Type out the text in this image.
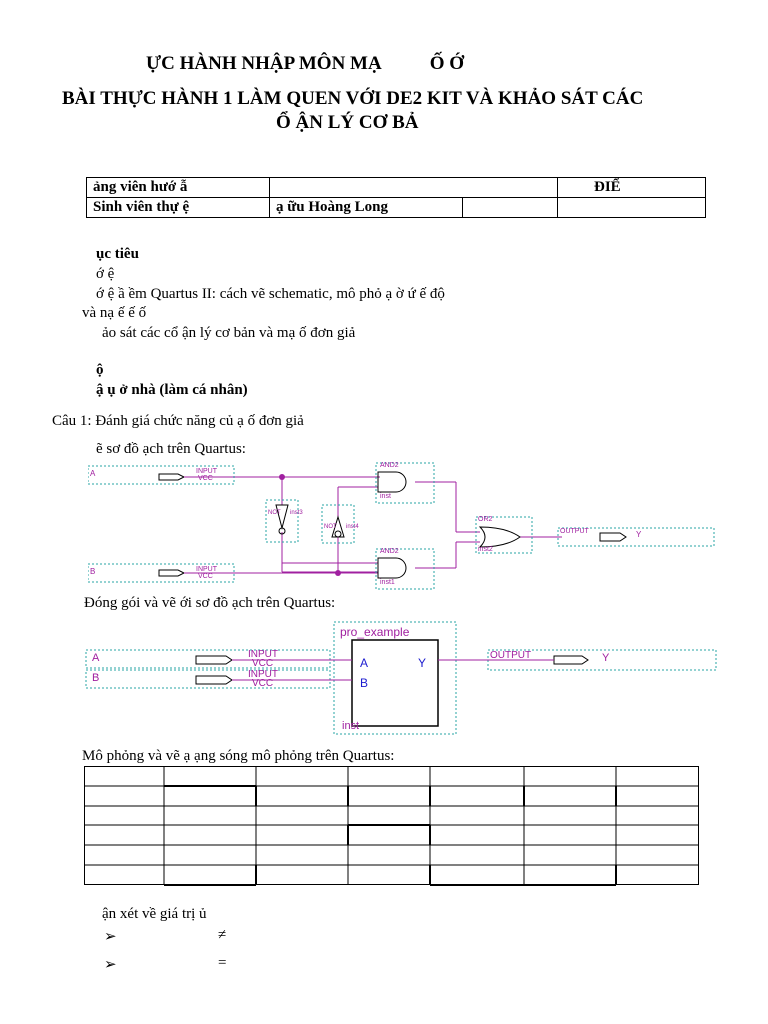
ỰC HÀNH NHẬP MÔN MẠ	Ố Ớ
BÀI THỰC HÀNH 1 LÀM QUEN VỚI DE2 KIT VÀ KHẢO SÁT CÁC
Ổ ẬN LÝ CƠ BẢ
ảng viên hướ ẫ			ĐIỂ
Sinh viên thự ệ	ạ ữu Hoàng Long		
ục tiêu
ớ ệ
ớ ệ ầ ềm Quartus II: cách vẽ schematic, mô phỏ ạ ờ ứ ế độ
và nạ ế ế ố
ảo sát các cổ ận lý cơ bản và mạ ố đơn giả
ộ
ậ ụ ở nhà (làm cá nhân)
Câu 1: Đánh giá chức năng củ ạ ố đơn giả
ẽ sơ đồ ạch trên Quartus:
A	INPUT
VCC
B	INPUT
VCC
AND2
inst
AND2
inst1
OR2
inst2
NOT inst3
NOT inst4
OUTPUT	Y
Đóng gói và vẽ ới sơ đồ ạch trên Quartus:
A	INPUT
VCC
B	INPUT
VCC
pro_example
A
B
Y
inst
OUTPUT	Y
Mô phỏng và vẽ ạ ạng sóng mô phỏng trên Quartus:
ận xét về giá trị ủ
➢	≠
➢	=
